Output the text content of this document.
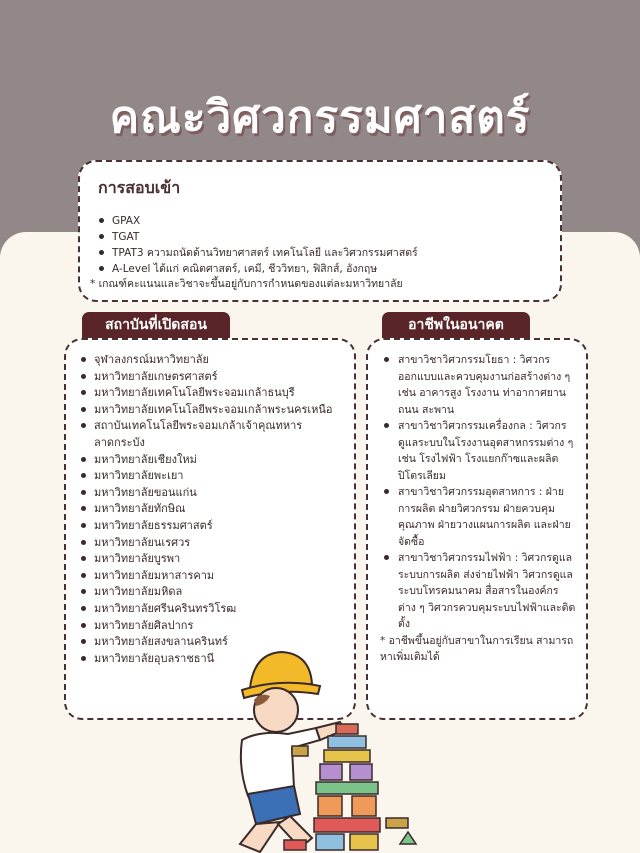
คณะวิศวกรรมศาสตร์
การสอบเข้า
GPAX
TGAT
TPAT3 ความถนัดด้านวิทยาศาสตร์ เทคโนโลยี และวิศวกรรมศาสตร์
A-Level ได้แก่ คณิตศาสตร์, เคมี, ชีววิทยา, ฟิสิกส์, อังกฤษ

* เกณฑ์คะแนนและวิชาจะขึ้นอยู่กับการกำหนดของแต่ละมหาวิทยาลัย

สถาบันที่เปิดสอน
จุฬาลงกรณ์มหาวิทยาลัย
มหาวิทยาลัยเกษตรศาสตร์
มหาวิทยาลัยเทคโนโลยีพระจอมเกล้าธนบุรี
มหาวิทยาลัยเทคโนโลยีพระจอมเกล้าพระนครเหนือ
สถาบันเทคโนโลยีพระจอมเกล้าเจ้าคุณทหารลาดกระบัง
มหาวิทยาลัยเชียงใหม่
มหาวิทยาลัยพะเยา
มหาวิทยาลัยขอนแก่น
มหาวิทยาลัยทักษิณ
มหาวิทยาลัยธรรมศาสตร์
มหาวิทยาลัยนเรศวร
มหาวิทยาลัยบูรพา
มหาวิทยาลัยมหาสารคาม
มหาวิทยาลัยมหิดล
มหาวิทยาลัยศรีนครินทรวิโรฒ
มหาวิทยาลัยศิลปากร
มหาวิทยาลัยสงขลานครินทร์
มหาวิทยาลัยอุบลราชธานี
อาชีพในอนาคต
สาขาวิชาวิศวกรรมโยธา : วิศวกรออกแบบและควบคุมงานก่อสร้างต่าง ๆ เช่น อาคารสูง โรงงาน ท่าอากาศยาน ถนน สะพาน
สาขาวิชาวิศวกรรมเครื่องกล : วิศวกรดูแลระบบในโรงงานอุตสาหกรรมต่าง ๆ เช่น โรงไฟฟ้า โรงแยกก๊าซและผลิตปิโตรเลียม
สาขาวิชาวิศวกรรมอุตสาหการ : ฝ่ายการผลิต ฝ่ายวิศวกรรม ฝ่ายควบคุมคุณภาพ ฝ่ายวางแผนการผลิต และฝ่ายจัดซื้อ
สาขาวิชาวิศวกรรมไฟฟ้า : วิศวกรดูแลระบบการผลิต ส่งจ่ายไฟฟ้า วิศวกรดูแลระบบโทรคมนาคม สื่อสารในองค์กรต่าง ๆ วิศวกรควบคุมระบบไฟฟ้าและติดตั้ง

* อาชีพขึ้นอยู่กับสาขาในการเรียน สามารถหาเพิ่มเติมได้
